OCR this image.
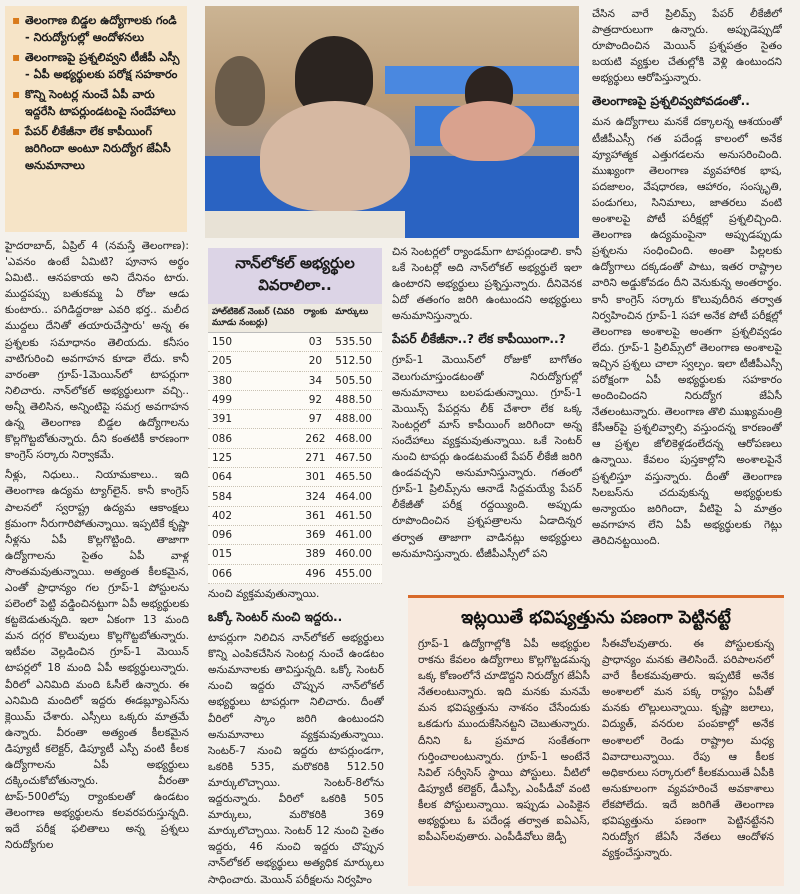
▪ తెలంగాణ బిడ్డల ఉద్యోగాలకు గండి - నిరుద్యోగుల్లో ఆందోళనలు
▪ తెలంగాణపై ప్రశ్నలివ్వని టీజీపీ ఎస్సీ - ఏపీ అభ్యర్థులకు పరోక్ష సహకారం
▪ కొన్ని సెంటర్ల నుంచే ఏపీ వారు ఇద్దరేసి టాపర్లుండటంపై సందేహాలు
▪ పేపర్ లీకేజీనా లేక కాపీయింగ్ జరిగిందా అంటూ నిరుద్యోగ జేఏసీ అనుమానాలు

హైదరాబాద్, ఏప్రిల్ 4 (నమస్తే తెలంగాణ): 'ఎవనం ఉంటే ఏమిటి? పూనాస అర్థం ఏమిటి.. ఆనపకాయ అని దేనినం టారు. ముద్దపప్పు బతుకమ్మ ఏ రోజు ఆడు కుంటారు.. పగిడిద్దరాజు ఎవరి భర్త.. మలీద ముద్దలు దేనితో తయారుచేస్తారు' అన్న ఈ ప్రశ్నలకు సమాధానం తెలియదు. కనీసం వాటిగురించి అవగాహన కూడా లేదు. కానీ వారంతా గ్రూప్-1మెయిన్‌లో టాపర్లుగా నిలిచారు. నాన్‌లోకల్ అభ్యర్థులుగా వచ్చి.. అన్నీ తెలిసిన, అన్నింటిపై సమగ్ర అవగాహన ఉన్న తెలంగాణ బిడ్డల ఉద్యోగాలను కొల్లగొట్టబోతున్నారు. దీని కంతటికీ కారణంగా కాంగ్రెస్ సర్కారు నిర్వాకమే.

నీళ్లు, నిధులు.. నియామకాలు.. ఇది తెలంగాణ ఉద్యమ ట్యాగ్‌లైన్. కానీ కాంగ్రెస్ పాలనలో స్వరాష్ట్ర ఉద్యమ ఆకాంక్షలు క్రమంగా నీరుగారిపోతున్నాయి. ఇప్పటికే కృష్ణా నీళ్లను ఏపీ కొల్లగొట్టింది. తాజాగా ఉద్యోగాలను సైతం ఏపీ వాళ్ల సొంతమవుతున్నాయి. అత్యంత కీలకమైన, ఎంతో ప్రాధాన్యం గల గ్రూప్-1 పోస్టులను పలెంలో పెట్టి వడ్డించినట్టుగా ఏపీ అభ్యర్థులకు కట్టబెడుతున్నది. ఇలా ఏకంగా 13 మంది మన దగ్గర కొలువులు కొల్లగొట్టబోతున్నారు. ఇటీవల వెల్లడించిన గ్రూప్-1 మెయిన్ టాపర్లలో 18 మంది ఏపీ అభ్యర్థులున్నారు. వీరిలో ఎనిమిది మంది ఓసీలే ఉన్నారు. ఈ ఎనిమిది మందిలో ఇద్దరు ఈడబ్ల్యూఎస్‌ను క్లెయిమ్ చేశారు. ఎస్సీలు ఒక్కరు మాత్రమే ఉన్నారు. వీరంతా అత్యంత కీలకమైన డిప్యూటీ కలెక్టర్, డిప్యూటీ ఎస్పీ వంటి కీలక ఉద్యోగాలను ఏపీ అభ్యర్థులు దక్కించుకోబోతున్నారు. వీరంతా టాప్-500లోపు ర్యాంకులతో ఉండటం తెలంగాణ అభ్యర్థులను కలవరపరుస్తున్నది. ఇదే పరీక్ష ఫలితాలు అన్న ప్రశ్నలు నిరుద్యోగుల

నాన్‌లోకల్ అభ్యర్థుల వివరాలిలా..
హాల్‌టికెట్ నెంబర్ (చివరి మూడు నంబర్లు)	ర్యాంకు	మార్కులు
150	03	535.50
205	20	512.50
380	34	505.50
499	92	488.50
391	97	488.00
086	262	468.00
125	271	467.50
064	301	465.50
584	324	464.00
402	361	461.50
096	369	461.00
015	389	460.00
066	496	455.00

నుంచి వ్యక్తమవుతున్నాయి.

ఒక్కో సెంటర్ నుంచి ఇద్దరు..

టాపర్లుగా నిలిచిన నాన్‌లోకల్ అభ్యర్థులు కొన్ని ఎంపికచేసిన సెంటర్ల నుంచే ఉండటం అనుమానాలకు తావిస్తున్నది. ఒక్కో సెంటర్ నుంచి ఇద్దరు చొప్పున నాన్‌లోకల్ అభ్యర్థులు టాపర్లుగా నిలిచారు. దీంతో వీరిలో స్కాం జరిగి ఉంటుందని అనుమానాలు వ్యక్తమవుతున్నాయి. సెంటర్-7 నుంచి ఇద్దరు టాపర్లుండగా, ఒకరికి 535, మరొకరికి 512.50 మార్కులొచ్చాయి. సెంటర్-8లోను ఇద్దరున్నారు. వీరిలో ఒకరికి 505 మార్కులు, మరొకరికి 369 మార్కులొచ్చాయి. సెంటర్ 12 నుంచి సైతం ఇద్దరు, 46 నుంచి ఇద్దరు చొప్పున నాన్‌లోకల్ అభ్యర్థులు అత్యధిక మార్కులు సాధించారు. మెయిన్ పరీక్షలను నిర్వహిం

చిన సెంటర్లలో ర్యాండమ్‌గా టాపర్లుండాలి. కానీ ఒకే సెంటర్లో అది నాన్‌లోకల్ అభ్యర్థులే ఇలా ఉంటారని అభ్యర్థులు ప్రశ్నిస్తున్నారు. దీనివెనక ఏదో తతంగం జరిగి ఉంటుందని అభ్యర్థులు అనుమానిస్తున్నారు.

పేపర్ లీకేజీనా..? లేక కాపీయింగా..?

గ్రూప్-1 మెయిన్‌లో రోజుకో బాగోతం వెలుగుచూస్తుండటంతో నిరుద్యోగుల్లో అనుమానాలు బలపడుతున్నాయి. గ్రూప్-1 మెయిన్స్ పేపర్లను లీక్ చేశారా లేక ఒక్క సెంటర్లలో మాస్ కాపీయింగ్ జరిగిందా అన్న సందేహాలు వ్యక్తమవుతున్నాయి. ఒకే సెంటర్ నుంచి టాపర్లు ఉండటమంటే పేపర్ లీకేజీ జరిగి ఉండవచ్చని అనుమానిస్తున్నారు. గతంలో గ్రూప్-1 ప్రిలిమ్స్‌ను ఆనాడే సిద్దమయ్యే పేపర్ లీకేజీతో పరీక్ష రద్దయ్యింది. అప్పుడు రూపొందించిన ప్రశ్నపత్రాలను ఏడాదిన్నర తర్వాత తాజాగా వాడినట్లు అభ్యర్థులు అనుమానిస్తున్నారు. టీజీపీఎస్సీలో పని

చేసిన వారే ప్రిలిమ్స్ పేపర్ లీకేజీలో పాత్రదారులుగా ఉన్నారు. అప్పుడెప్పుడో రూపొందించిన మెయిన్ ప్రశ్నపత్రం సైతం బయటి వ్యక్తుల చేతుల్లోకి వెళ్లి ఉంటుందని అభ్యర్థులు ఆరోపిస్తున్నారు.

తెలంగాణపై ప్రశ్నలివ్వపోవడంతో..

మన ఉద్యోగాలు మనకే దక్కాలన్న ఆశయంతో టీజీపీఎస్సీ గత పదేండ్ల కాలంలో అనేక వ్యూహాత్మక ఎత్తుగడలను అనుసరించింది. ముఖ్యంగా తెలంగాణ వ్యవహారిక భాష, పదజాలం, వేషధారణ, ఆహారం, సంస్కృతి, పండుగలు, సినిమాలు, జాతరలు వంటి అంశాలపై పోటీ పరీక్షల్లో ప్రశ్నలిచ్చింది. తెలంగాణ ఉద్యమంపైనా అప్పుడప్పుడు ప్రశ్నలను సంధించింది. అంతా పిల్లలకు ఉద్యోగాలు దక్కడంతో పాటు, ఇతర రాష్ట్రాల వారిని అడ్డుకోవడం దీని వెనుకున్న అంతరార్థం. కానీ కాంగ్రెస్ సర్కారు కొలువుదీరిన తర్వాత నిర్వహించిన గ్రూప్-1 సహా అనేక పోటీ పరీక్షల్లో తెలంగాణ అంశాలపై అంతగా ప్రశ్నలివ్వడం లేదు. గ్రూప్-1 ప్రిలిమ్స్‌లో తెలంగాణ అంశాలపై ఇచ్చిన ప్రశ్నలు చాలా స్వల్పం. ఇలా టీజీపీఎస్సీ పరోక్షంగా ఏపీ అభ్యర్థులకు సహకారం అందించిందని నిరుద్యోగ జేఏసీ నేతలంటున్నారు. తెలంగాణ తొలి ముఖ్యమంత్రి కేసీఆర్‌పై ప్రశ్నలివ్వాల్సి వస్తుందన్న కారణంతో ఆ ప్రశ్నల జోలికెళ్లడంలేదన్న ఆరోపణలు ఉన్నాయి. కేవలం పుస్తకాల్లోని అంశాలపైనే ప్రశ్నలిస్తూ వస్తున్నారు. దీంతో తెలంగాణ సిలబస్‌ను చదువుకున్న అభ్యర్థులకు అన్యాయం జరిగిందా, వీటిపై ఏ మాత్రం అవగాహన లేని ఏపీ అభ్యర్థులకు గెట్లు తెరిచినట్టయింది.

ఇట్లయితే భవిష్యత్తును పణంగా పెట్టినట్టే

గ్రూప్-1 ఉద్యోగాల్లోకి ఏపీ అభ్యర్థుల రాకను కేవలం ఉద్యోగాలు కొల్లగొట్టడమన్న ఒక్క కోణంలోనే చూడొద్దని నిరుద్యోగ జేఏసీ నేతలంటున్నారు. ఇది మనకు మనమే మన భవిష్యత్తును నాశనం చేసేందుకు ఒకడుగు ముందుకేసినట్టని చెబుతున్నారు. దీనిని ఓ ప్రమాద సంకేతంగా గుర్తించాలంటున్నారు. గ్రూప్-1 అంటేనే సివిల్ సర్వీసెస్ స్థాయి పోస్టులు. వీటిలో డిప్యూటీ కలెక్టర్, డీఎస్పీ, ఎంపీడీవో వంటి కీలక పోస్టులున్నాయి. ఇప్పుడు ఎంపికైన అభ్యర్థులు ఓ పదేండ్ల తర్వాత ఐఏఎస్, ఐపీఎస్‌లవుతారు. ఎంపీడీవోలు జెడ్పీ

సీఈవోలవుతారు. ఈ పోస్టులకున్న ప్రాధాన్యం మనకు తెలిసిందే. పరిపాలనలో వారే కీలకమవుతారు. ఇప్పటికే అనేక అంశాలలో మన పక్క రాష్ట్రం ఏపీతో మనకు లొల్లులున్నాయి. కృష్ణా జలాలు, విద్యుత్, వనరుల పంపకాల్లో అనేక అంశాలలో రెండు రాష్ట్రాల మధ్య వివాదాలున్నాయి. రేపు ఆ కీలక అధికారులు సర్కారులో కీలకమయితే ఏపీకి అనుకూలంగా వ్యవహరించే అవకాశాలు లేకపోలేదు. ఇదే జరిగితే తెలంగాణ భవిష్యత్తును పణంగా పెట్టినట్టేనని నిరుద్యోగ జేఏసీ నేతలు ఆందోళన వ్యక్తంచేస్తున్నారు.
